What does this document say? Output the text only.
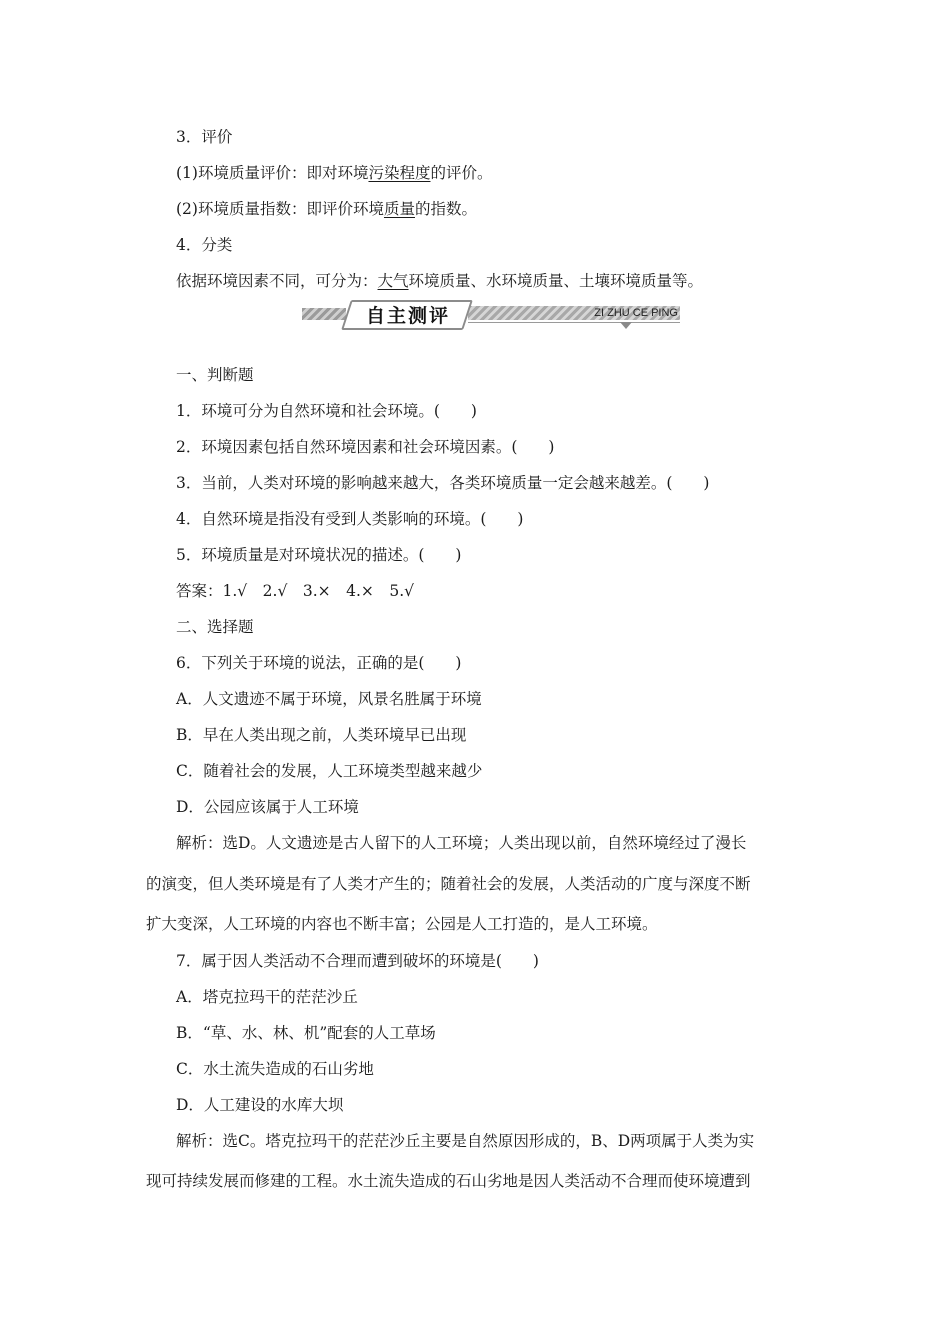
3．评价
(1)环境质量评价：即对环境污染程度的评价。
(2)环境质量指数：即评价环境质量的指数。
4．分类
依据环境因素不同，可分为：大气环境质量、水环境质量、土壤环境质量等。
自主测评	ZI ZHU CE PING
一、判断题
1．环境可分为自然环境和社会环境。(　　)
2．环境因素包括自然环境因素和社会环境因素。(　　)
3．当前，人类对环境的影响越来越大，各类环境质量一定会越来越差。(　　)
4．自然环境是指没有受到人类影响的环境。(　　)
5．环境质量是对环境状况的描述。(　　)
答案：1.√　2.√　3.×　4.×　5.√
二、选择题
6．下列关于环境的说法，正确的是(　　)
A．人文遗迹不属于环境，风景名胜属于环境
B．早在人类出现之前，人类环境早已出现
C．随着社会的发展，人工环境类型越来越少
D．公园应该属于人工环境
解析：选D。人文遗迹是古人留下的人工环境；人类出现以前，自然环境经过了漫长
的演变，但人类环境是有了人类才产生的；随着社会的发展，人类活动的广度与深度不断
扩大变深，人工环境的内容也不断丰富；公园是人工打造的，是人工环境。
7．属于因人类活动不合理而遭到破坏的环境是(　　)
A．塔克拉玛干的茫茫沙丘
B．“草、水、林、机”配套的人工草场
C．水土流失造成的石山劣地
D．人工建设的水库大坝
解析：选C。塔克拉玛干的茫茫沙丘主要是自然原因形成的，B、D两项属于人类为实
现可持续发展而修建的工程。水土流失造成的石山劣地是因人类活动不合理而使环境遭到
